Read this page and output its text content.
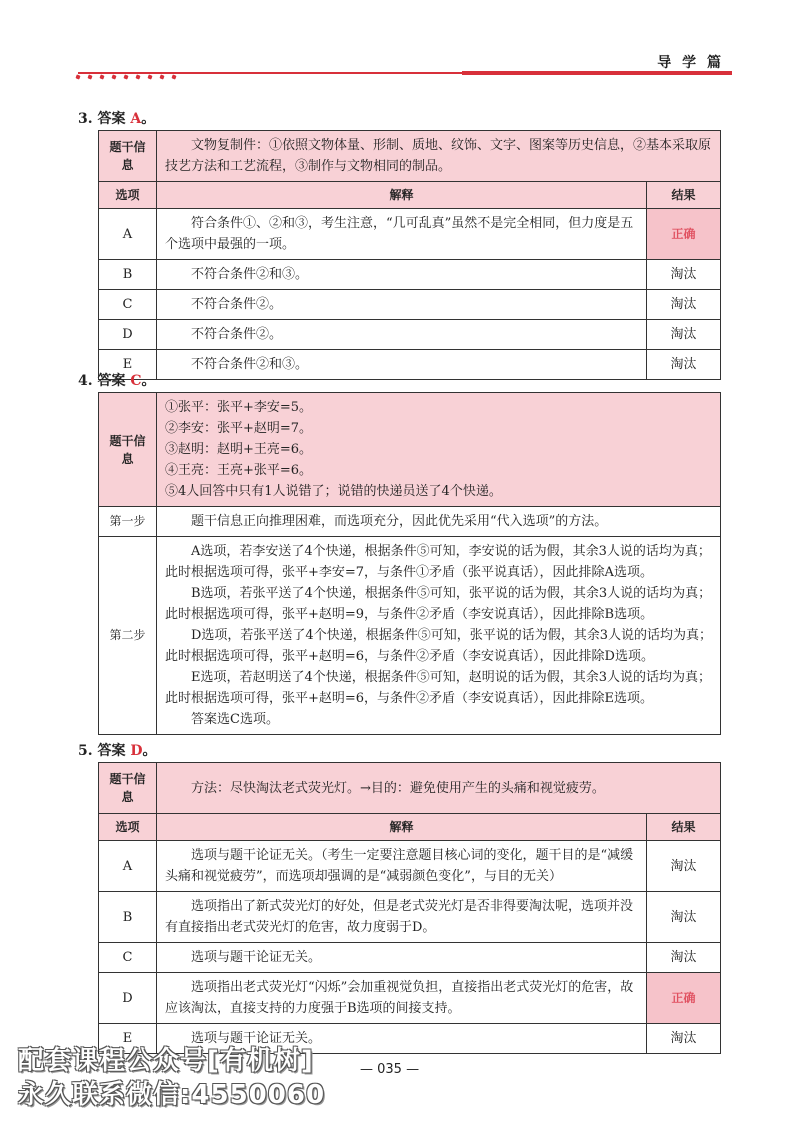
导 学 篇
3. 答案 A。
题干信息	文物复制件：①依照文物体量、形制、质地、纹饰、文字、图案等历史信息，②基本采取原技艺方法和工艺流程，③制作与文物相同的制品。	
选项	解释	结果
A	符合条件①、②和③，考生注意，“几可乱真”虽然不是完全相同，但力度是五个选项中最强的一项。	正确
B	不符合条件②和③。	淘汰
C	不符合条件②。	淘汰
D	不符合条件②。	淘汰
E	不符合条件②和③。	淘汰
4. 答案 C。
题干信息	①张平：张平+李安=5。
②李安：张平+赵明=7。
③赵明：赵明+王亮=6。
④王亮：王亮+张平=6。
⑤4人回答中只有1人说错了；说错的快递员送了4个快递。

第一步	题干信息正向推理困难，而选项充分，因此优先采用“代入选项”的方法。
第二步	A选项，若李安送了4个快递，根据条件⑤可知，李安说的话为假，其余3人说的话均为真；此时根据选项可得，张平+李安=7，与条件①矛盾（张平说真话），因此排除A选项。
B选项，若张平送了4个快递，根据条件⑤可知，张平说的话为假，其余3人说的话均为真；此时根据选项可得，张平+赵明=9，与条件②矛盾（李安说真话），因此排除B选项。
D选项，若张平送了4个快递，根据条件⑤可知，张平说的话为假，其余3人说的话均为真；此时根据选项可得，张平+赵明=6，与条件②矛盾（李安说真话），因此排除D选项。
E选项，若赵明送了4个快递，根据条件⑤可知，赵明说的话为假，其余3人说的话均为真；此时根据选项可得，张平+赵明=6，与条件②矛盾（李安说真话），因此排除E选项。
答案选C选项。
5. 答案 D。
题干信息	方法：尽快淘汰老式荧光灯。→目的：避免使用产生的头痛和视觉疲劳。	
选项	解释	结果
A	选项与题干论证无关。（考生一定要注意题目核心词的变化，题干目的是“减缓头痛和视觉疲劳”，而选项却强调的是“减弱颜色变化”，与目的无关）	淘汰
B	选项指出了新式荧光灯的好处，但是老式荧光灯是否非得要淘汰呢，选项并没有直接指出老式荧光灯的危害，故力度弱于D。	淘汰
C	选项与题干论证无关。	淘汰
D	选项指出老式荧光灯“闪烁”会加重视觉负担，直接指出老式荧光灯的危害，故应该淘汰，直接支持的力度强于B选项的间接支持。	正确
E	选项与题干论证无关。	淘汰
— 035 —
配套课程公众号[有机树]
永久联系微信:4550060
